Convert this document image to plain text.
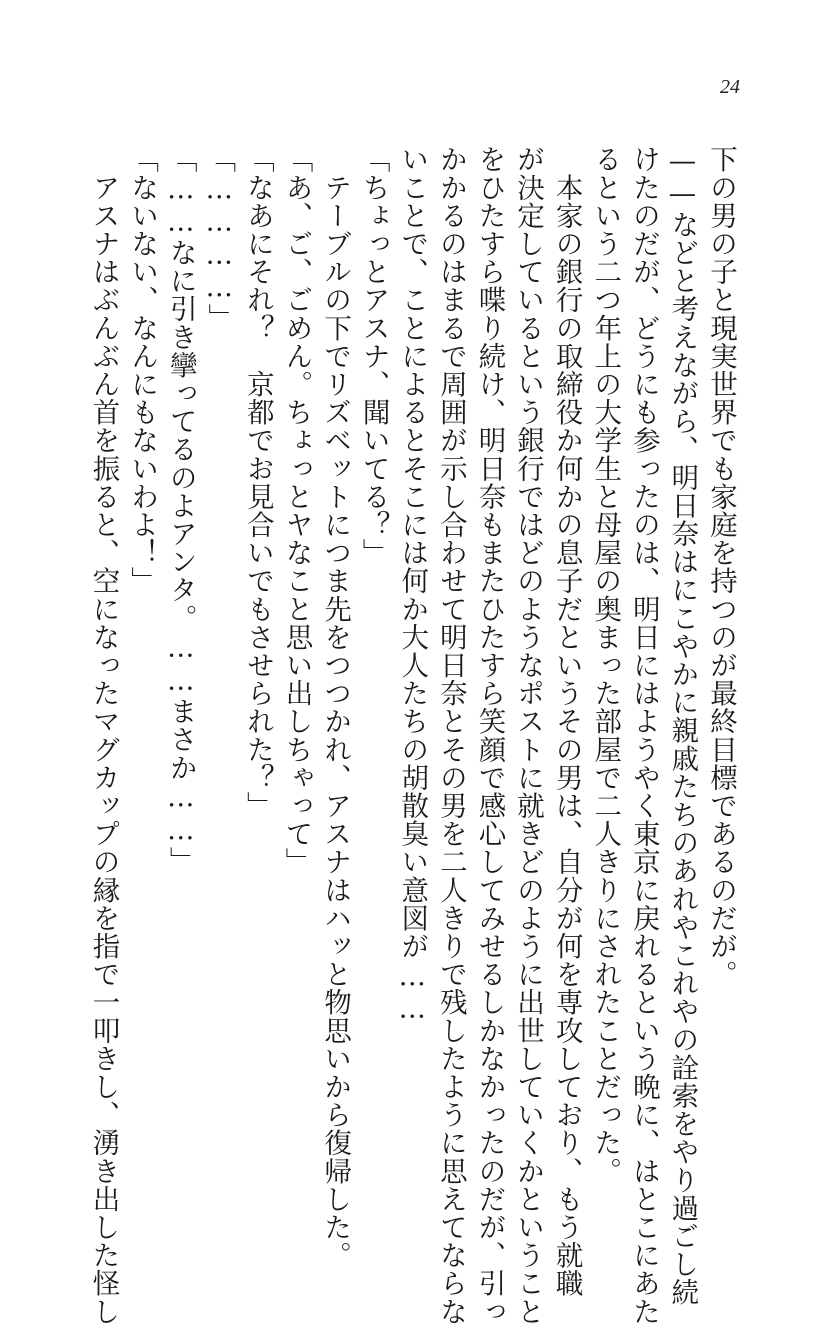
24
下の男の子と現実世界でも家庭を持つのが最終目標であるのだが。
——などと考えながら、明日奈はにこやかに親戚たちのあれやこれやの詮索をやり過ごし続
けたのだが、どうにも参ったのは、明日にはようやく東京に戻れるという晩に、はとこにあた
るという二つ年上の大学生と母屋の奥まった部屋で二人きりにされたことだった。
　本家の銀行の取締役か何かの息子だというその男は、自分が何を専攻しており、もう就職
が決定しているという銀行ではどのようなポストに就きどのように出世していくかということ
をひたすら喋り続け、明日奈もまたひたすら笑顔で感心してみせるしかなかったのだが、引っ
かかるのはまるで周囲が示し合わせて明日奈とその男を二人きりで残したように思えてならな
いことで、ことによるとそこには何か大人たちの胡散臭い意図が……
「ちょっとアスナ、聞いてる？」
　テーブルの下でリズベットにつま先をつつかれ、アスナはハッと物思いから復帰した。
「あ、ご、ごめん。ちょっとヤなこと思い出しちゃって」
「なあにそれ？　京都でお見合いでもさせられた？」
「…………」
「……なに引き攣ってるのよアンタ。……まさか……」
「ないない、なんにもないわよ！」
　アスナはぶんぶん首を振ると、空になったマグカップの縁を指で一叩きし、湧き出した怪し
